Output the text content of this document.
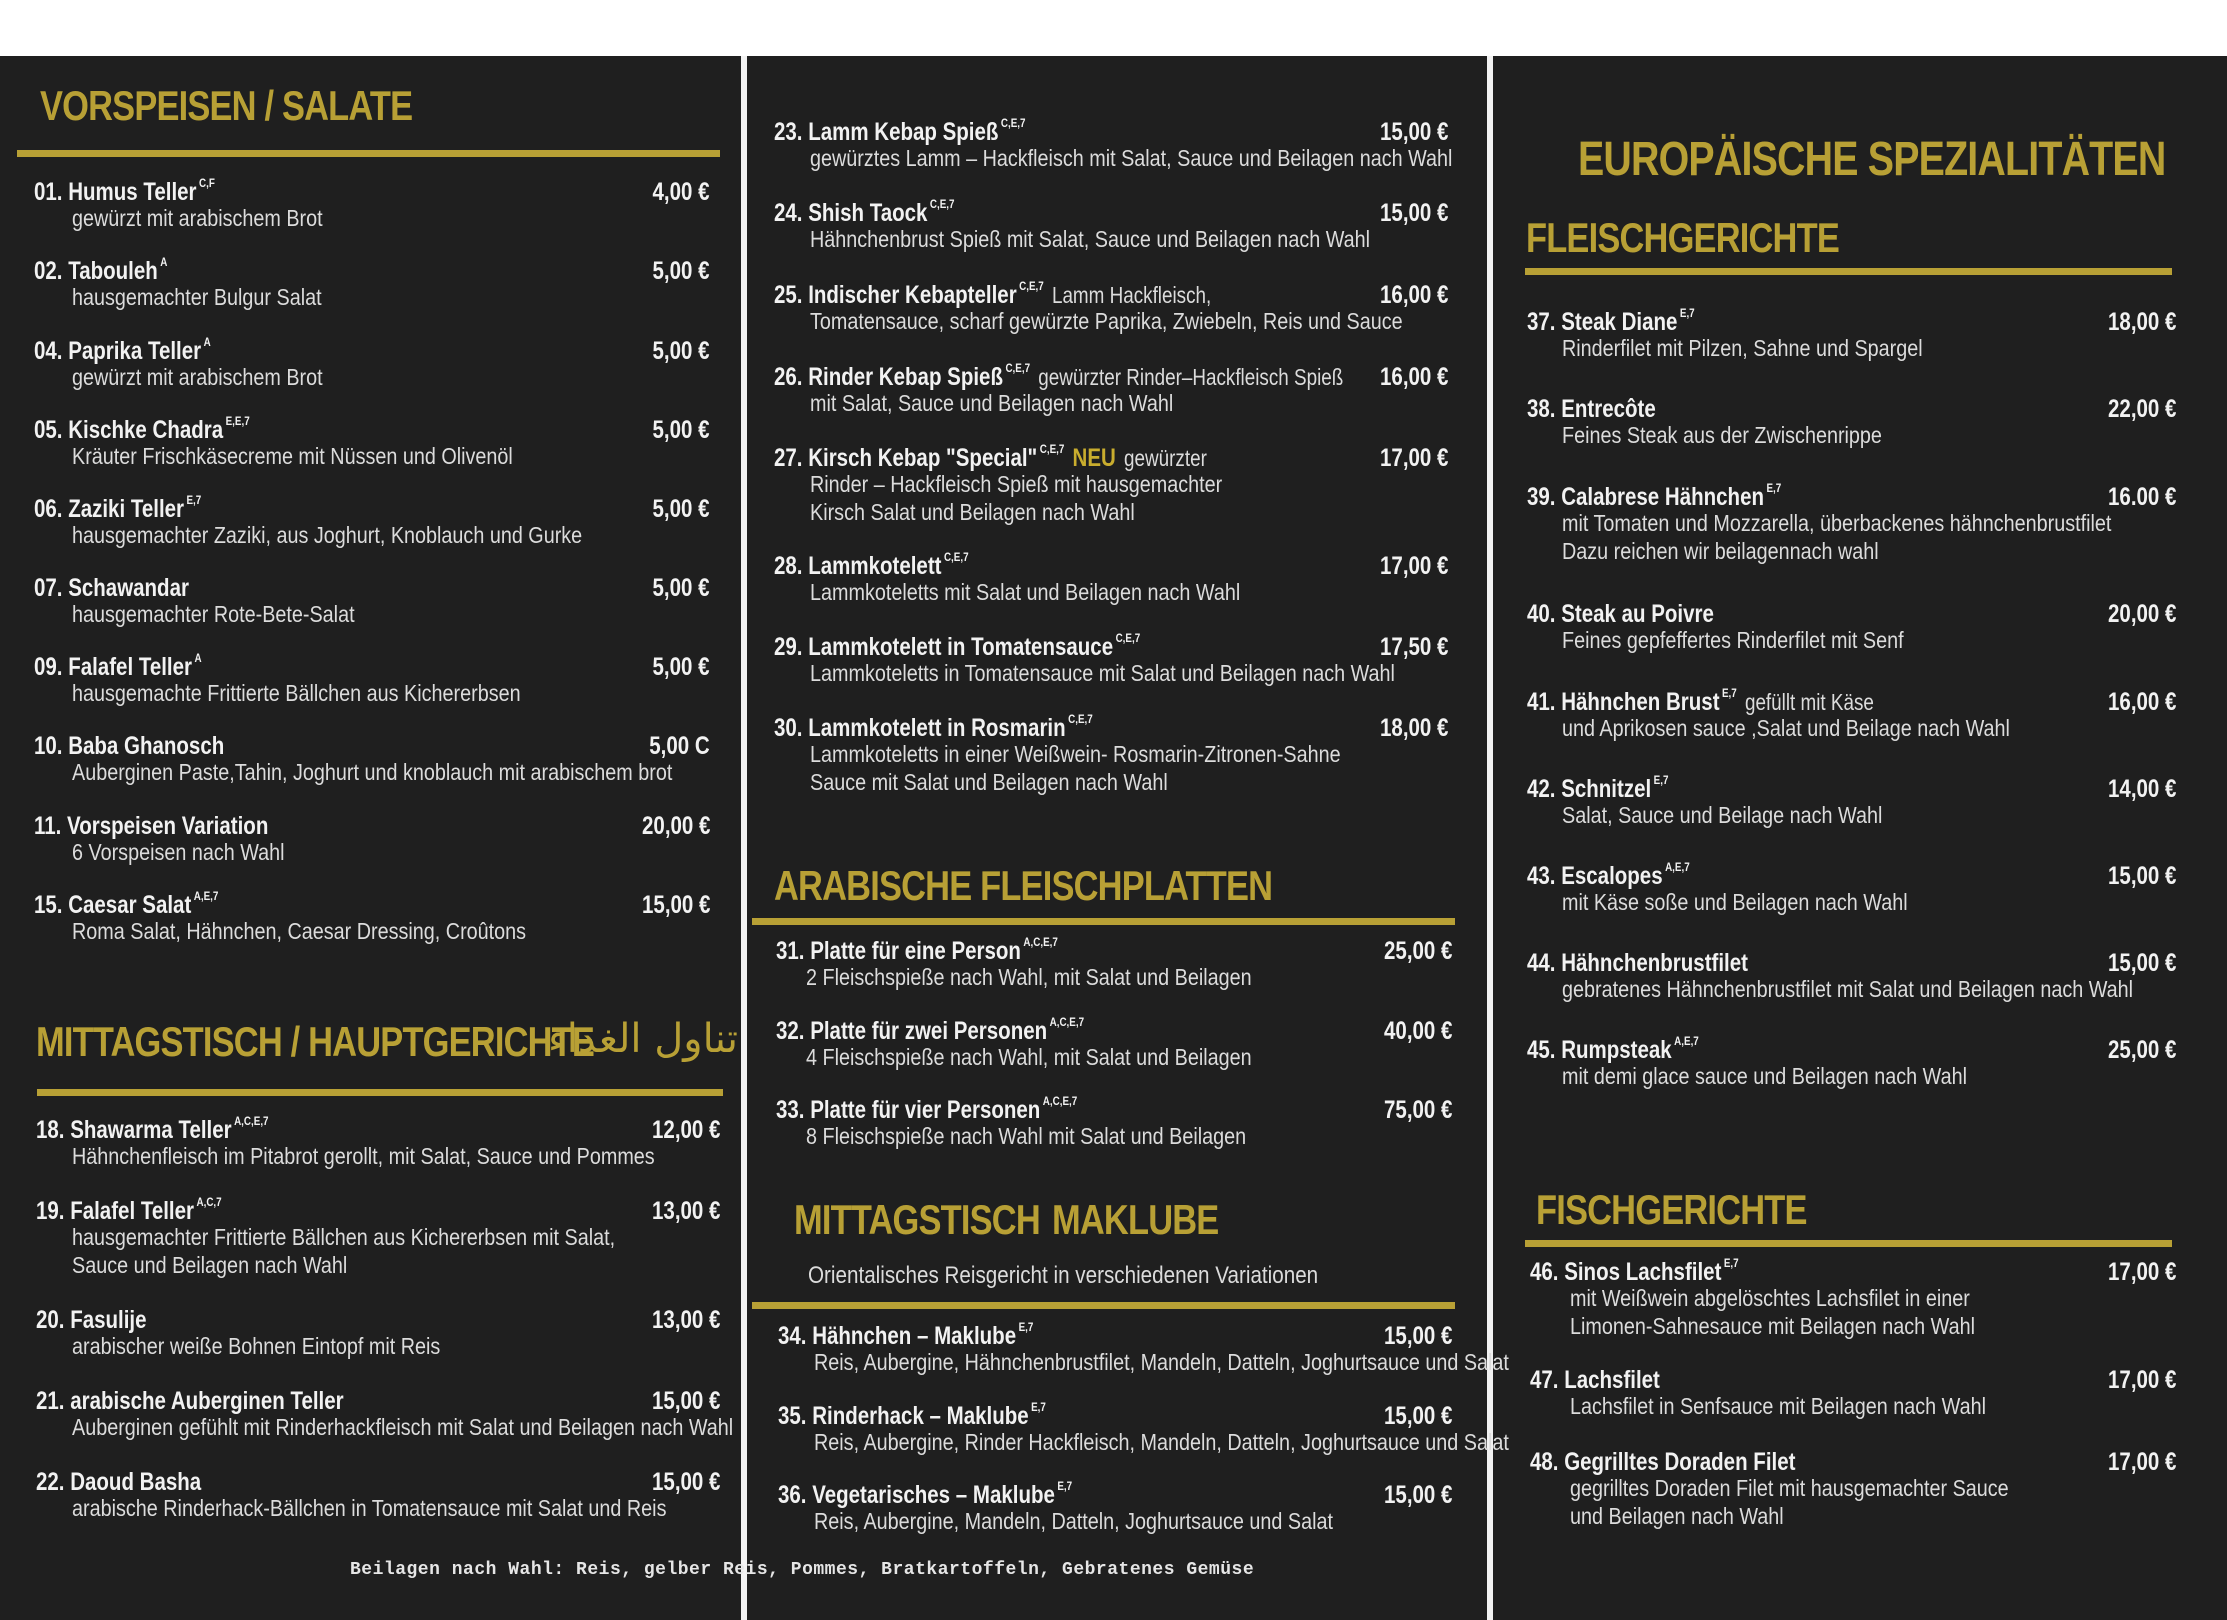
VORSPEISEN / SALATE
MITTAGSTISCH / HAUPTGERICHTE
تناول الغداء
ARABISCHE FLEISCHPLATTEN
MITTAGSTISCH MAKLUBE
Orientalisches Reisgericht in verschiedenen Variationen
EUROPÄISCHE SPEZIALITÄTEN
FLEISCHGERICHTE
FISCHGERICHTE
Beilagen nach Wahl: Reis, gelber Reis, Pommes, Bratkartoffeln, Gebratenes Gemüse
01. Humus Teller $^{C,F}$	4,00 €
gewürzt mit arabischem Brot
02. Tabouleh $^A$	5,00 €
hausgemachter Bulgur Salat
04. Paprika Teller $^A$	5,00 €
gewürzt mit arabischem Brot
05. Kischke Chadra $^{E,E,7}$	5,00 €
Kräuter Frischkäsecreme mit Nüssen und Olivenöl
06. Zaziki Teller $^{E,7}$	5,00 €
hausgemachter Zaziki, aus Joghurt, Knoblauch und Gurke
07. Schawandar	5,00 €
hausgemachter Rote-Bete-Salat
09. Falafel Teller $^A$	5,00 €
hausgemachte Frittierte Bällchen aus Kichererbsen
10. Baba Ghanosch	5,00 C
Auberginen Paste,Tahin, Joghurt und knoblauch mit arabischem brot
11. Vorspeisen Variation	20,00 €
6 Vorspeisen nach Wahl
15. Caesar Salat $^{A,E,7}$	15,00 €
Roma Salat, Hähnchen, Caesar Dressing, Croûtons
18. Shawarma Teller $^{A,C,E,7}$	12,00 €
Hähnchenfleisch im Pitabrot gerollt, mit Salat, Sauce und Pommes
19. Falafel Teller $^{A,C,7}$	13,00 €
hausgemachter Frittierte Bällchen aus Kichererbsen mit Salat,
Sauce und Beilagen nach Wahl
20. Fasulije	13,00 €
arabischer weiße Bohnen Eintopf mit Reis
21. arabische Auberginen Teller	15,00 €
Auberginen gefühlt mit Rinderhackfleisch mit Salat und Beilagen nach Wahl
22. Daoud Basha	15,00 €
arabische Rinderhack-Bällchen in Tomatensauce mit Salat und Reis
23. Lamm Kebap Spieß $^{C,E,7}$	15,00 €
gewürztes Lamm – Hackfleisch mit Salat, Sauce und Beilagen nach Wahl
24. Shish Taock $^{C,E,7}$	15,00 €
Hähnchenbrust Spieß mit Salat, Sauce und Beilagen nach Wahl
25. Indischer Kebapteller $^{C,E,7}$ Lamm Hackfleisch,	16,00 €
Tomatensauce, scharf gewürzte Paprika, Zwiebeln, Reis und Sauce
26. Rinder Kebap Spieß $^{C,E,7}$ gewürzter Rinder–Hackfleisch Spieß 16,00 €
mit Salat, Sauce und Beilagen nach Wahl
27. Kirsch Kebap "Special" $^{C,E,7}$ NEU gewürzter	17,00 €
Rinder – Hackfleisch Spieß mit hausgemachter
Kirsch Salat und Beilagen nach Wahl
28. Lammkotelett $^{C,E,7}$	17,00 €
Lammkoteletts mit Salat und Beilagen nach Wahl
29. Lammkotelett in Tomatensauce $^{C,E,7}$	17,50 €
Lammkoteletts in Tomatensauce mit Salat und Beilagen nach Wahl
30. Lammkotelett in Rosmarin $^{C,E,7}$	18,00 €
Lammkoteletts in einer Weißwein- Rosmarin-Zitronen-Sahne
Sauce mit Salat und Beilagen nach Wahl
31. Platte für eine Person $^{A,C,E,7}$	25,00 €
2 Fleischspieße nach Wahl, mit Salat und Beilagen
32. Platte für zwei Personen $^{A,C,E,7}$	40,00 €
4 Fleischspieße nach Wahl, mit Salat und Beilagen
33. Platte für vier Personen $^{A,C,E,7}$	75,00 €
8 Fleischspieße nach Wahl mit Salat und Beilagen
37. Steak Diane $^{E,7}$	18,00 €
Rinderfilet mit Pilzen, Sahne und Spargel
38. Entrecôte	22,00 €
Feines Steak aus der Zwischenrippe
39. Calabrese Hähnchen $^{E,7}$	16.00 €
mit Tomaten und Mozzarella, überbackenes hähnchenbrustfilet
Dazu reichen wir beilagennach wahl
40. Steak au Poivre	20,00 €
Feines gepfeffertes Rinderfilet mit Senf
41. Hähnchen Brust $^{E,7}$ gefüllt mit Käse	16,00 €
und Aprikosen sauce ,Salat und Beilage nach Wahl
42. Schnitzel $^{E,7}$	14,00 €
Salat, Sauce und Beilage nach Wahl
43. Escalopes $^{A,E,7}$	15,00 €
mit Käse soße und Beilagen nach Wahl
44. Hähnchenbrustfilet	15,00 €
gebratenes Hähnchenbrustfilet mit Salat und Beilagen nach Wahl
45. Rumpsteak $^{A,E,7}$	25,00 €
mit demi glace sauce und Beilagen nach Wahl
46. Sinos Lachsfilet $^{E,7}$	17,00 €
mit Weißwein abgelöschtes Lachsfilet in einer
Limonen-Sahnesauce mit Beilagen nach Wahl
47. Lachsfilet	17,00 €
Lachsfilet in Senfsauce mit Beilagen nach Wahl
48. Gegrilltes Doraden Filet	17,00 €
gegrilltes Doraden Filet mit hausgemachter Sauce
und Beilagen nach Wahl
34. Hähnchen – Maklube $^{E,7}$	15,00 €
Reis, Aubergine, Hähnchenbrustfilet, Mandeln, Datteln, Joghurtsauce und Salat
35. Rinderhack – Maklube $^{E,7}$	15,00 €
Reis, Aubergine, Rinder Hackfleisch, Mandeln, Datteln, Joghurtsauce und Salat
36. Vegetarisches – Maklube $^{E,7}$	15,00 €
Reis, Aubergine, Mandeln, Datteln, Joghurtsauce und Salat
